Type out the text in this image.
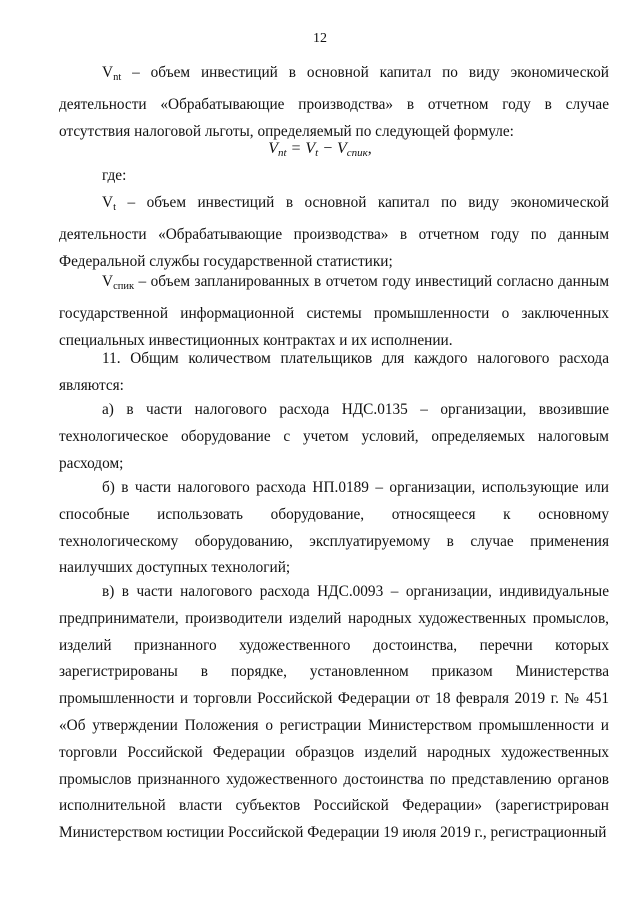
12

$V_{nt}$ – объем инвестиций в основной капитал по виду экономической деятельности «Обрабатывающие производства» в отчетном году в случае отсутствия налоговой льготы, определяемый по следующей формуле:

$V_{nt} = V_t - V_{спик}$,

где:

$V_t$ – объем инвестиций в основной капитал по виду экономической деятельности «Обрабатывающие производства» в отчетном году по данным Федеральной службы государственной статистики;

$V_{спик}$ – объем запланированных в отчетом году инвестиций согласно данным государственной информационной системы промышленности о заключенных специальных инвестиционных контрактах и их исполнении.

11. Общим количеством плательщиков для каждого налогового расхода являются:

а) в части налогового расхода НДС.0135 – организации, ввозившие технологическое оборудование с учетом условий, определяемых налоговым расходом;

б) в части налогового расхода НП.0189 – организации, использующие или способные использовать оборудование, относящееся к основному технологическому оборудованию, эксплуатируемому в случае применения наилучших доступных технологий;

в) в части налогового расхода НДС.0093 – организации, индивидуальные предприниматели, производители изделий народных художественных промыслов, изделий признанного художественного достоинства, перечни которых зарегистрированы в порядке, установленном приказом Министерства промышленности и торговли Российской Федерации от 18 февраля 2019 г. № 451 «Об утверждении Положения о регистрации Министерством промышленности и торговли Российской Федерации образцов изделий народных художественных промыслов признанного художественного достоинства по представлению органов исполнительной власти субъектов Российской Федерации» (зарегистрирован Министерством юстиции Российской Федерации 19 июля 2019 г., регистрационный
